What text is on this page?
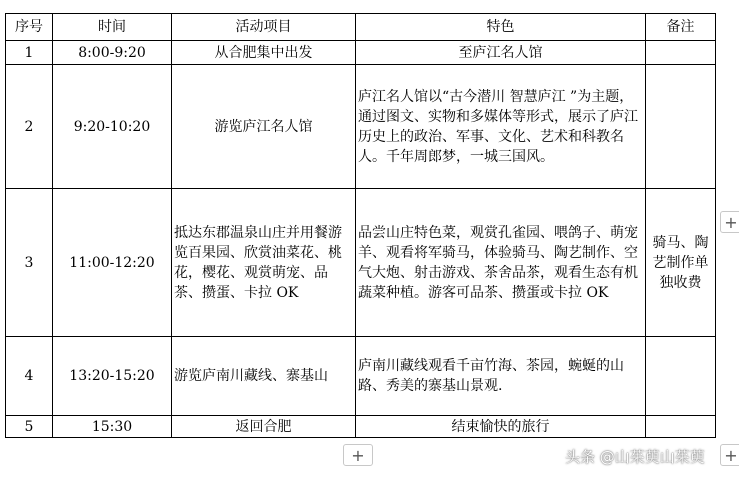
序号	时间	活动项目	特色	备注
1	8:00-9:20	从合肥集中出发	至庐江名人馆	
2	9:20-10:20	游览庐江名人馆	庐江名人馆以“古今潜川 智慧庐江 ”为主题，通过图文、实物和多媒体等形式，展示了庐江历史上的政治、军事、文化、艺术和科教名人。千年周郎梦，一城三国风。	
3	11:00-12:20	抵达东郡温泉山庄并用餐游览百果园、欣赏油菜花、桃花，樱花、观赏萌宠、品茶、攒蛋、卡拉 OK	品尝山庄特色菜，观赏孔雀园、喂鸽子、萌宠羊、观看将军骑马，体验骑马、陶艺制作、空气大炮、射击游戏、茶舍品茶，观看生态有机蔬菜种植。游客可品茶、攒蛋或卡拉 OK	骑马、陶艺制作单独收费
4	13:20-15:20	游览庐南川藏线、寨基山	庐南川藏线观看千亩竹海、茶园，蜿蜒的山路、秀美的寨基山景观.	
5	15:30	返回合肥	结束愉快的旅行	
+
+
+
头条 @山茱萸山茱萸
